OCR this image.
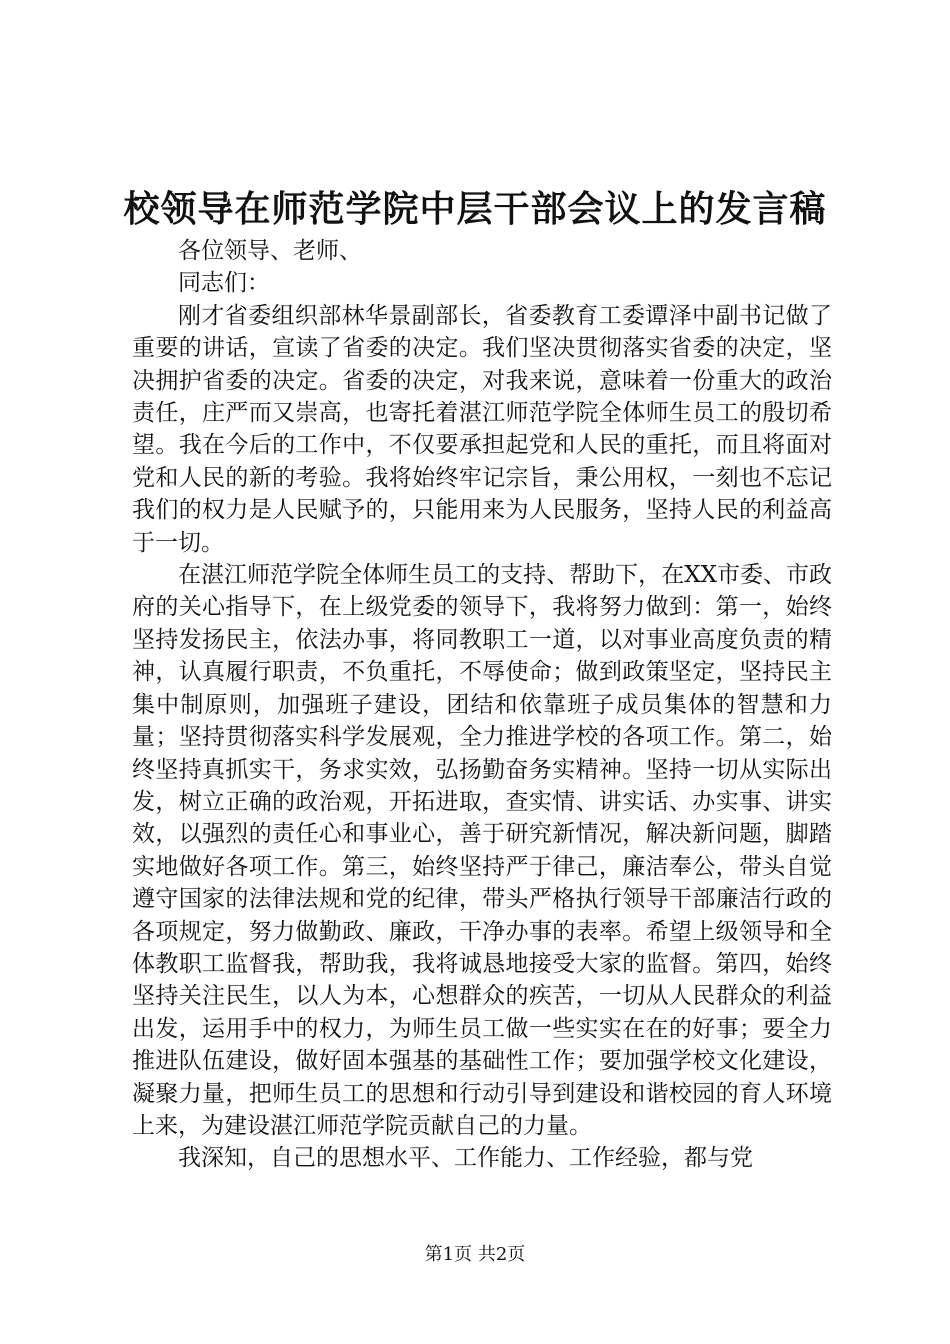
校领导在师范学院中层干部会议上的发言稿

各位领导、老师、

同志们：

刚才省委组织部林华景副部长，省委教育工委谭泽中副书记做了重要的讲话，宣读了省委的决定。我们坚决贯彻落实省委的决定，坚决拥护省委的决定。省委的决定，对我来说，意味着一份重大的政治责任，庄严而又崇高，也寄托着湛江师范学院全体师生员工的殷切希望。我在今后的工作中，不仅要承担起党和人民的重托，而且将面对党和人民的新的考验。我将始终牢记宗旨，秉公用权，一刻也不忘记我们的权力是人民赋予的，只能用来为人民服务，坚持人民的利益高于一切。

在湛江师范学院全体师生员工的支持、帮助下，在XX市委、市政府的关心指导下，在上级党委的领导下，我将努力做到：第一，始终坚持发扬民主，依法办事，将同教职工一道，以对事业高度负责的精神，认真履行职责，不负重托，不辱使命；做到政策坚定，坚持民主集中制原则，加强班子建设，团结和依靠班子成员集体的智慧和力量；坚持贯彻落实科学发展观，全力推进学校的各项工作。第二，始终坚持真抓实干，务求实效，弘扬勤奋务实精神。坚持一切从实际出发，树立正确的政治观，开拓进取，查实情、讲实话、办实事、讲实效，以强烈的责任心和事业心，善于研究新情况，解决新问题，脚踏实地做好各项工作。第三，始终坚持严于律己，廉洁奉公，带头自觉遵守国家的法律法规和党的纪律，带头严格执行领导干部廉洁行政的各项规定，努力做勤政、廉政，干净办事的表率。希望上级领导和全体教职工监督我，帮助我，我将诚恳地接受大家的监督。第四，始终坚持关注民生，以人为本，心想群众的疾苦，一切从人民群众的利益出发，运用手中的权力，为师生员工做一些实实在在的好事；要全力推进队伍建设，做好固本强基的基础性工作；要加强学校文化建设，凝聚力量，把师生员工的思想和行动引导到建设和谐校园的育人环境上来，为建设湛江师范学院贡献自己的力量。

我深知，自己的思想水平、工作能力、工作经验，都与党

第1页 共2页
